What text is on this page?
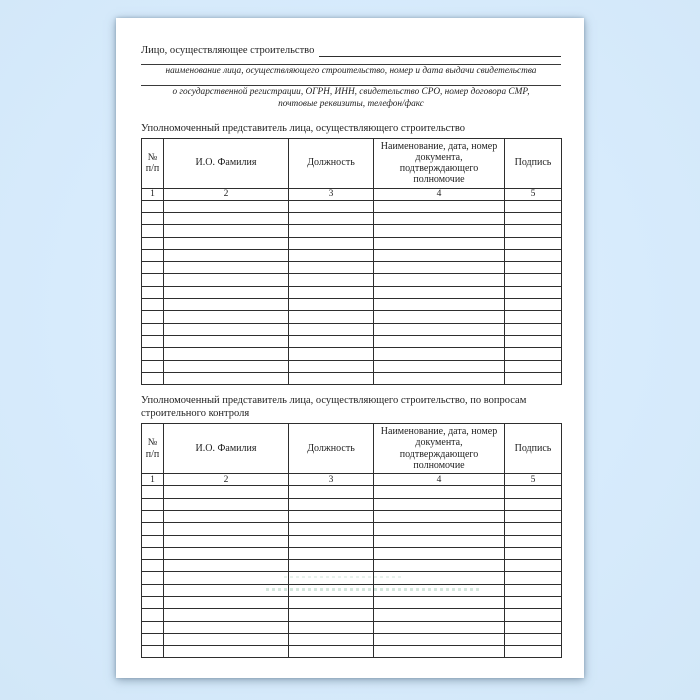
Лицо, осуществляющее строительство
наименование лица, осуществляющего строительство, номер и дата выдачи свидетельства
о государственной регистрации, ОГРН, ИНН, свидетельство СРО, номер договора СМР,
почтовые реквизиты, телефон/факс
Уполномоченный представитель лица, осуществляющего строительство
№ п/п	И.О. Фамилия	Должность	Наименование, дата, номер документа, подтверждающего полномочие	Подпись
1	2	3	4	5

Уполномоченный представитель лица, осуществляющего строительство, по вопросам строительного контроля
№ п/п	И.О. Фамилия	Должность	Наименование, дата, номер документа, подтверждающего полномочие	Подпись
1	2	3	4	5
